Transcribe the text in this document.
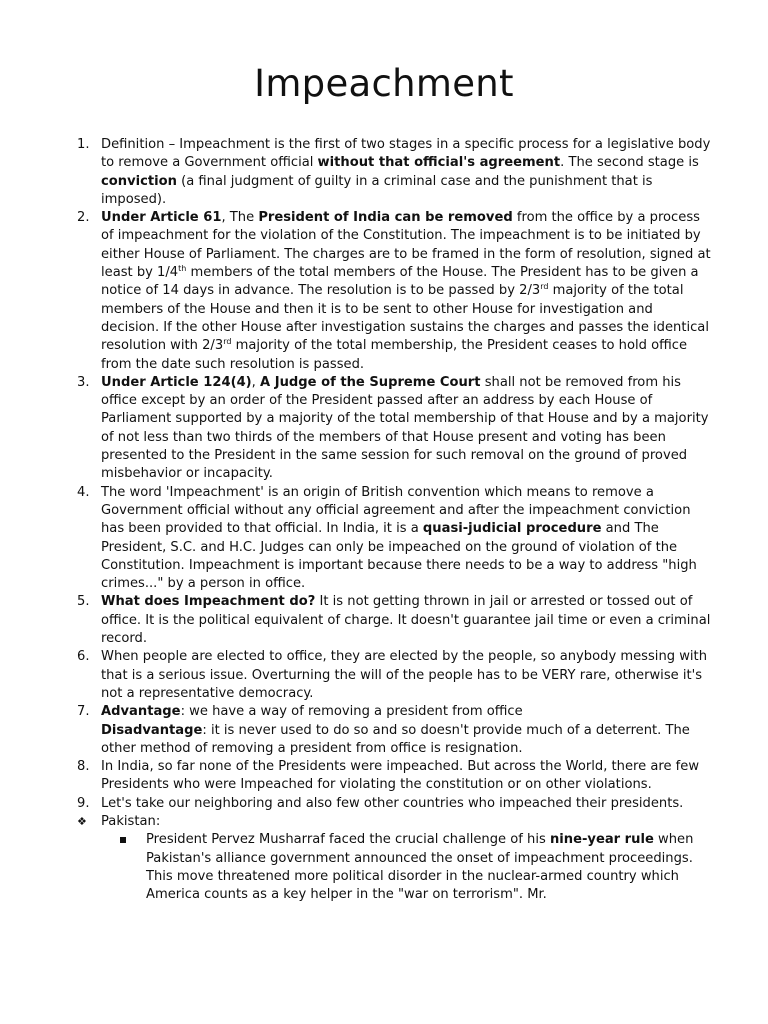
Impeachment
1. Definition – Impeachment is the first of two stages in a specific process for a legislative body to remove a Government official without that official's agreement. The second stage is conviction (a final judgment of guilty in a criminal case and the punishment that is imposed).
2. Under Article 61, The President of India can be removed from the office by a process of impeachment for the violation of the Constitution. The impeachment is to be initiated by either House of Parliament. The charges are to be framed in the form of resolution, signed at least by 1/4th members of the total members of the House. The President has to be given a notice of 14 days in advance. The resolution is to be passed by 2/3rd majority of the total members of the House and then it is to be sent to other House for investigation and decision. If the other House after investigation sustains the charges and passes the identical resolution with 2/3rd majority of the total membership, the President ceases to hold office from the date such resolution is passed.
3. Under Article 124(4), A Judge of the Supreme Court shall not be removed from his office except by an order of the President passed after an address by each House of Parliament supported by a majority of the total membership of that House and by a majority of not less than two thirds of the members of that House present and voting has been presented to the President in the same session for such removal on the ground of proved misbehavior or incapacity.
4. The word 'Impeachment' is an origin of British convention which means to remove a Government official without any official agreement and after the impeachment conviction has been provided to that official. In India, it is a quasi-judicial procedure and The President, S.C. and H.C. Judges can only be impeached on the ground of violation of the Constitution. Impeachment is important because there needs to be a way to address "high crimes..." by a person in office.
5. What does Impeachment do? It is not getting thrown in jail or arrested or tossed out of office. It is the political equivalent of charge. It doesn't guarantee jail time or even a criminal record.
6. When people are elected to office, they are elected by the people, so anybody messing with that is a serious issue. Overturning the will of the people has to be VERY rare, otherwise it's not a representative democracy.
7. Advantage: we have a way of removing a president from office
Disadvantage: it is never used to do so and so doesn't provide much of a deterrent. The other method of removing a president from office is resignation.
8. In India, so far none of the Presidents were impeached. But across the World, there are few Presidents who were Impeached for violating the constitution or on other violations.
9. Let's take our neighboring and also few other countries who impeached their presidents.
❖ Pakistan:
President Pervez Musharraf faced the crucial challenge of his nine-year rule when Pakistan's alliance government announced the onset of impeachment proceedings. This move threatened more political disorder in the nuclear-armed country which America counts as a key helper in the "war on terrorism". Mr.
